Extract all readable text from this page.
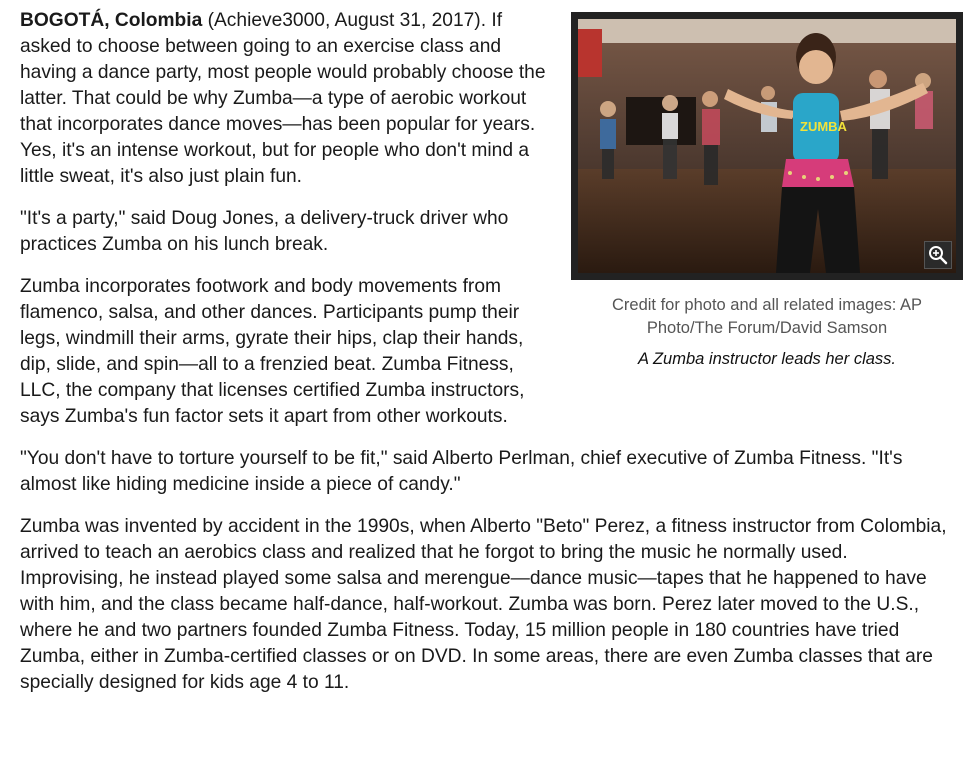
ZUMBA
Credit for photo and all related images: AP Photo/The Forum/David Samson
A Zumba instructor leads her class.

BOGOTÁ, Colombia (Achieve3000, August 31, 2017). If asked to choose between going to an exercise class and having a dance party, most people would probably choose the latter. That could be why Zumba—a type of aerobic workout that incorporates dance moves—has been popular for years. Yes, it's an intense workout, but for people who don't mind a little sweat, it's also just plain fun.

"It's a party," said Doug Jones, a delivery-truck driver who practices Zumba on his lunch break.

Zumba incorporates footwork and body movements from flamenco, salsa, and other dances. Participants pump their legs, windmill their arms, gyrate their hips, clap their hands, dip, slide, and spin—all to a frenzied beat. Zumba Fitness, LLC, the company that licenses certified Zumba instructors, says Zumba's fun factor sets it apart from other workouts.

"You don't have to torture yourself to be fit," said Alberto Perlman, chief executive of Zumba Fitness. "It's almost like hiding medicine inside a piece of candy."

Zumba was invented by accident in the 1990s, when Alberto "Beto" Perez, a fitness instructor from Colombia, arrived to teach an aerobics class and realized that he forgot to bring the music he normally used. Improvising, he instead played some salsa and merengue—dance music—tapes that he happened to have with him, and the class became half-dance, half-workout. Zumba was born. Perez later moved to the U.S., where he and two partners founded Zumba Fitness. Today, 15 million people in 180 countries have tried Zumba, either in Zumba-certified classes or on DVD. In some areas, there are even Zumba classes that are specially designed for kids age 4 to 11.
